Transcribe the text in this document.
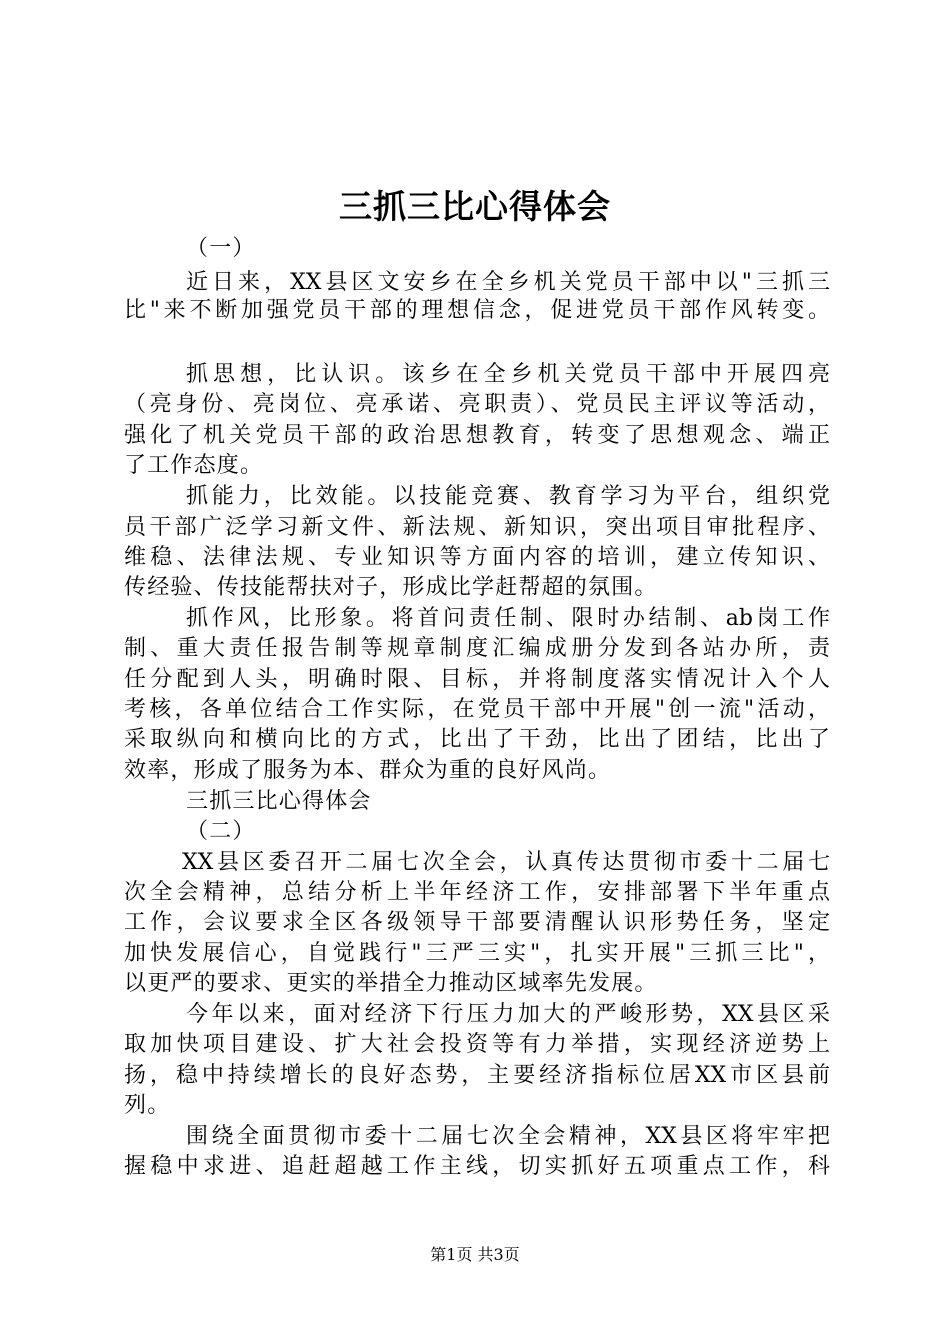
三抓三比心得体会
（一）
近日来，XX县区文安乡在全乡机关党员干部中以"三抓三
比"来不断加强党员干部的理想信念，促进党员干部作风转变。
抓思想，比认识。该乡在全乡机关党员干部中开展四亮
（亮身份、亮岗位、亮承诺、亮职责）、党员民主评议等活动，
强化了机关党员干部的政治思想教育，转变了思想观念、端正
了工作态度。
抓能力，比效能。以技能竞赛、教育学习为平台，组织党
员干部广泛学习新文件、新法规、新知识，突出项目审批程序、
维稳、法律法规、专业知识等方面内容的培训，建立传知识、
传经验、传技能帮扶对子，形成比学赶帮超的氛围。
抓作风，比形象。将首问责任制、限时办结制、ab岗工作
制、重大责任报告制等规章制度汇编成册分发到各站办所，责
任分配到人头，明确时限、目标，并将制度落实情况计入个人
考核，各单位结合工作实际，在党员干部中开展"创一流"活动，
采取纵向和横向比的方式，比出了干劲，比出了团结，比出了
效率，形成了服务为本、群众为重的良好风尚。
三抓三比心得体会
（二）
XX县区委召开二届七次全会，认真传达贯彻市委十二届七
次全会精神，总结分析上半年经济工作，安排部署下半年重点
工作，会议要求全区各级领导干部要清醒认识形势任务，坚定
加快发展信心，自觉践行"三严三实"，扎实开展"三抓三比"，
以更严的要求、更实的举措全力推动区域率先发展。
今年以来，面对经济下行压力加大的严峻形势，XX县区采
取加快项目建设、扩大社会投资等有力举措，实现经济逆势上
扬，稳中持续增长的良好态势，主要经济指标位居XX市区县前
列。
围绕全面贯彻市委十二届七次全会精神，XX县区将牢牢把
握稳中求进、追赶超越工作主线，切实抓好五项重点工作，科
第1页 共3页
